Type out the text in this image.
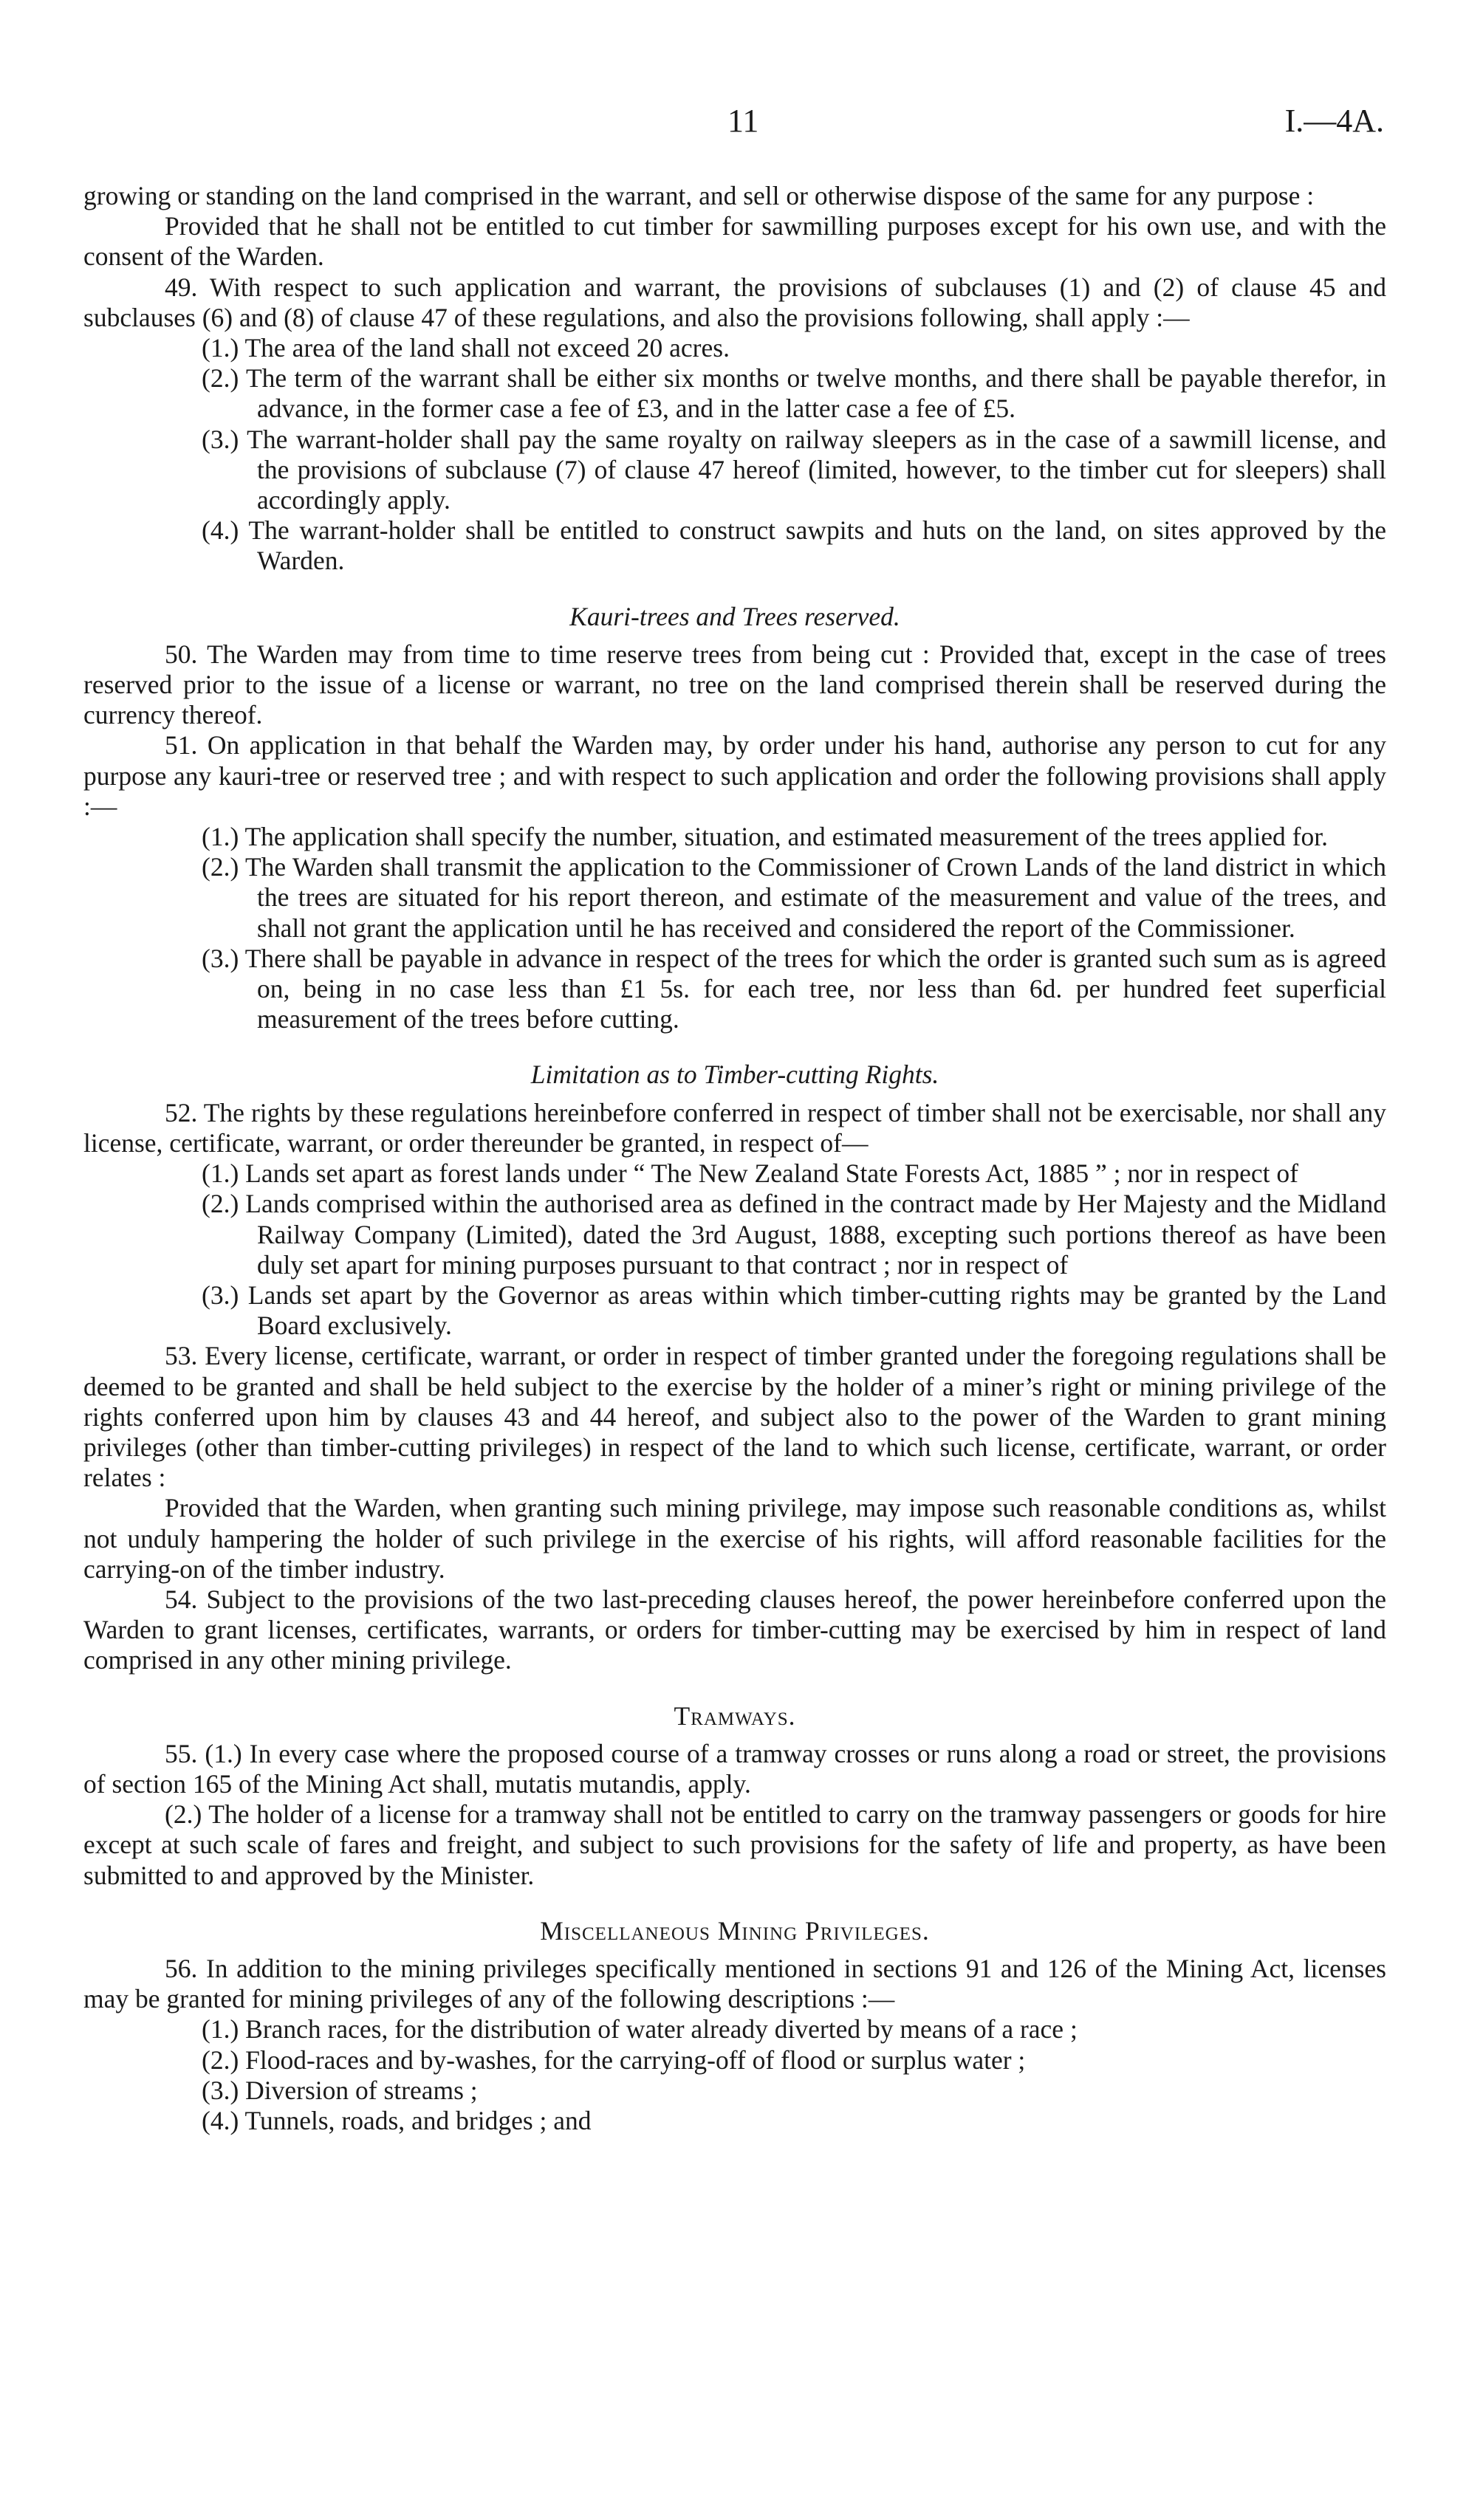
11	I.—4A.

growing or standing on the land comprised in the warrant, and sell or otherwise dispose of the same for any purpose :

Provided that he shall not be entitled to cut timber for sawmilling purposes except for his own use, and with the consent of the Warden.

49. With respect to such application and warrant, the provisions of subclauses (1) and (2) of clause 45 and subclauses (6) and (8) of clause 47 of these regulations, and also the provisions following, shall apply :—

(1.) The area of the land shall not exceed 20 acres.

(2.) The term of the warrant shall be either six months or twelve months, and there shall be payable therefor, in advance, in the former case a fee of £3, and in the latter case a fee of £5.

(3.) The warrant-holder shall pay the same royalty on railway sleepers as in the case of a sawmill license, and the provisions of subclause (7) of clause 47 hereof (limited, however, to the timber cut for sleepers) shall accordingly apply.

(4.) The warrant-holder shall be entitled to construct sawpits and huts on the land, on sites approved by the Warden.

Kauri-trees and Trees reserved.

50. The Warden may from time to time reserve trees from being cut : Provided that, except in the case of trees reserved prior to the issue of a license or warrant, no tree on the land comprised therein shall be reserved during the currency thereof.

51. On application in that behalf the Warden may, by order under his hand, authorise any person to cut for any purpose any kauri-tree or reserved tree ; and with respect to such application and order the following provisions shall apply :—

(1.) The application shall specify the number, situation, and estimated measurement of the trees applied for.

(2.) The Warden shall transmit the application to the Commissioner of Crown Lands of the land district in which the trees are situated for his report thereon, and estimate of the measurement and value of the trees, and shall not grant the application until he has received and considered the report of the Commissioner.

(3.) There shall be payable in advance in respect of the trees for which the order is granted such sum as is agreed on, being in no case less than £1 5s. for each tree, nor less than 6d. per hundred feet superficial measurement of the trees before cutting.

Limitation as to Timber-cutting Rights.

52. The rights by these regulations hereinbefore conferred in respect of timber shall not be exercisable, nor shall any license, certificate, warrant, or order thereunder be granted, in respect of—

(1.) Lands set apart as forest lands under “ The New Zealand State Forests Act, 1885 ” ; nor in respect of

(2.) Lands comprised within the authorised area as defined in the contract made by Her Majesty and the Midland Railway Company (Limited), dated the 3rd August, 1888, excepting such portions thereof as have been duly set apart for mining purposes pursuant to that contract ; nor in respect of

(3.) Lands set apart by the Governor as areas within which timber-cutting rights may be granted by the Land Board exclusively.

53. Every license, certificate, warrant, or order in respect of timber granted under the foregoing regulations shall be deemed to be granted and shall be held subject to the exercise by the holder of a miner’s right or mining privilege of the rights conferred upon him by clauses 43 and 44 hereof, and subject also to the power of the Warden to grant mining privileges (other than timber-cutting privileges) in respect of the land to which such license, certificate, warrant, or order relates :

Provided that the Warden, when granting such mining privilege, may impose such reasonable conditions as, whilst not unduly hampering the holder of such privilege in the exercise of his rights, will afford reasonable facilities for the carrying-on of the timber industry.

54. Subject to the provisions of the two last-preceding clauses hereof, the power hereinbefore conferred upon the Warden to grant licenses, certificates, warrants, or orders for timber-cutting may be exercised by him in respect of land comprised in any other mining privilege.

Tramways.

55. (1.) In every case where the proposed course of a tramway crosses or runs along a road or street, the provisions of section 165 of the Mining Act shall, mutatis mutandis, apply.

(2.) The holder of a license for a tramway shall not be entitled to carry on the tramway passengers or goods for hire except at such scale of fares and freight, and subject to such provisions for the safety of life and property, as have been submitted to and approved by the Minister.

Miscellaneous Mining Privileges.

56. In addition to the mining privileges specifically mentioned in sections 91 and 126 of the Mining Act, licenses may be granted for mining privileges of any of the following descriptions :—

(1.) Branch races, for the distribution of water already diverted by means of a race ;

(2.) Flood-races and by-washes, for the carrying-off of flood or surplus water ;

(3.) Diversion of streams ;

(4.) Tunnels, roads, and bridges ; and
